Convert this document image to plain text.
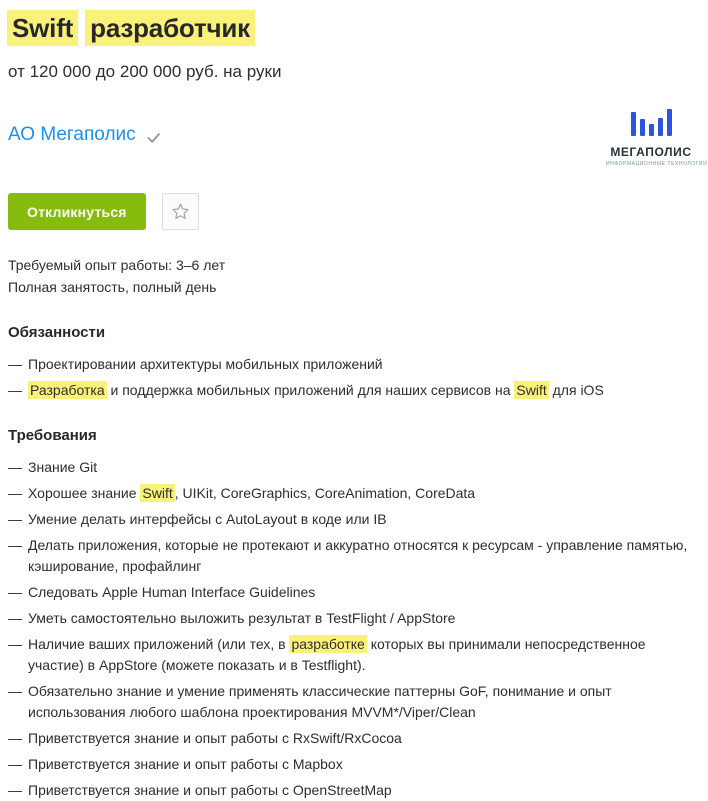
Swift разработчик
от 120 000 до 200 000 руб. на руки
АО Мегаполис
МЕГАПОЛИС
ИНФОРМАЦИОННЫЕ ТЕХНОЛОГИИ
Откликнуться
Требуемый опыт работы: 3–6 лет
Полная занятость, полный день
Обязанности
— Проектировании архитектуры мобильных приложений
— Разработка и поддержка мобильных приложений для наших сервисов на Swift для iOS
Требования
— Знание Git
— Хорошее знание Swift , UIKit, CoreGraphics, CoreAnimation, CoreData
— Умение делать интерфейсы с AutoLayout в коде или IB
— Делать приложения, которые не протекают и аккуратно относятся к ресурсам - управление памятью, кэширование, профайлинг
— Следовать Apple Human Interface Guidelines
— Уметь самостоятельно выложить результат в TestFlight / AppStore
— Наличие ваших приложений (или тех, в разработке которых вы принимали непосредственное участие) в AppStore (можете показать и в Testflight).
— Обязательно знание и умение применять классические паттерны GoF, понимание и опыт использования любого шаблона проектирования MVVM*/Viper/Clean
— Приветствуется знание и опыт работы с RxSwift/RxCocoa
— Приветствуется знание и опыт работы с Mapbox
— Приветствуется знание и опыт работы с OpenStreetMap
